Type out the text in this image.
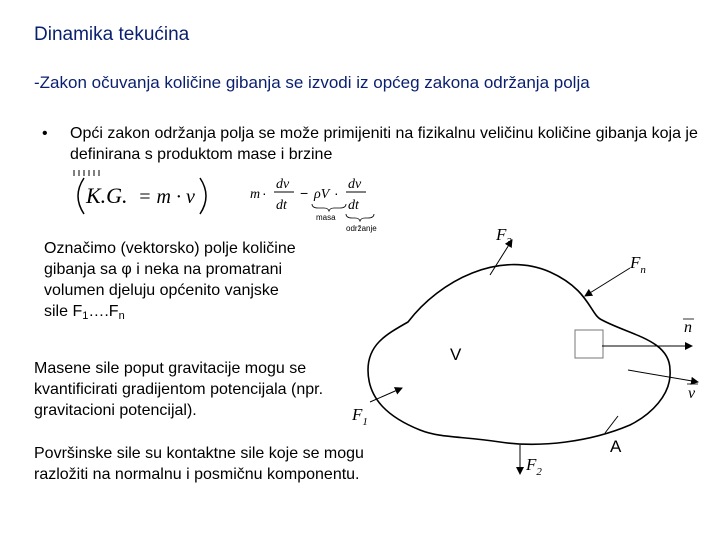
Dinamika tekućina
-Zakon očuvanja količine gibanja se izvodi iz općeg zakona održanja polja
• Opći zakon održanja polja se može primijeniti na fizikalnu veličinu količine gibanja koja je definirana s produktom mase i brzine
K.G. = m · v	m ·
dv
dt
− ρV ·
dv
dt
masa
održanje
Označimo (vektorsko) polje količine gibanja sa φ i neka na promatrani volumen djeluju općenito vanjske sile $F_1\dots.F_n$
Masene sile poput gravitacije mogu se kvantificirati gradijentom potencijala (npr. gravitacioni potencijal).
Površinske sile su kontaktne sile koje se mogu razložiti na normalnu i posmičnu komponentu.
V
A
$F_3$
$F_n$
$F_1$
$F_2$
n
v
